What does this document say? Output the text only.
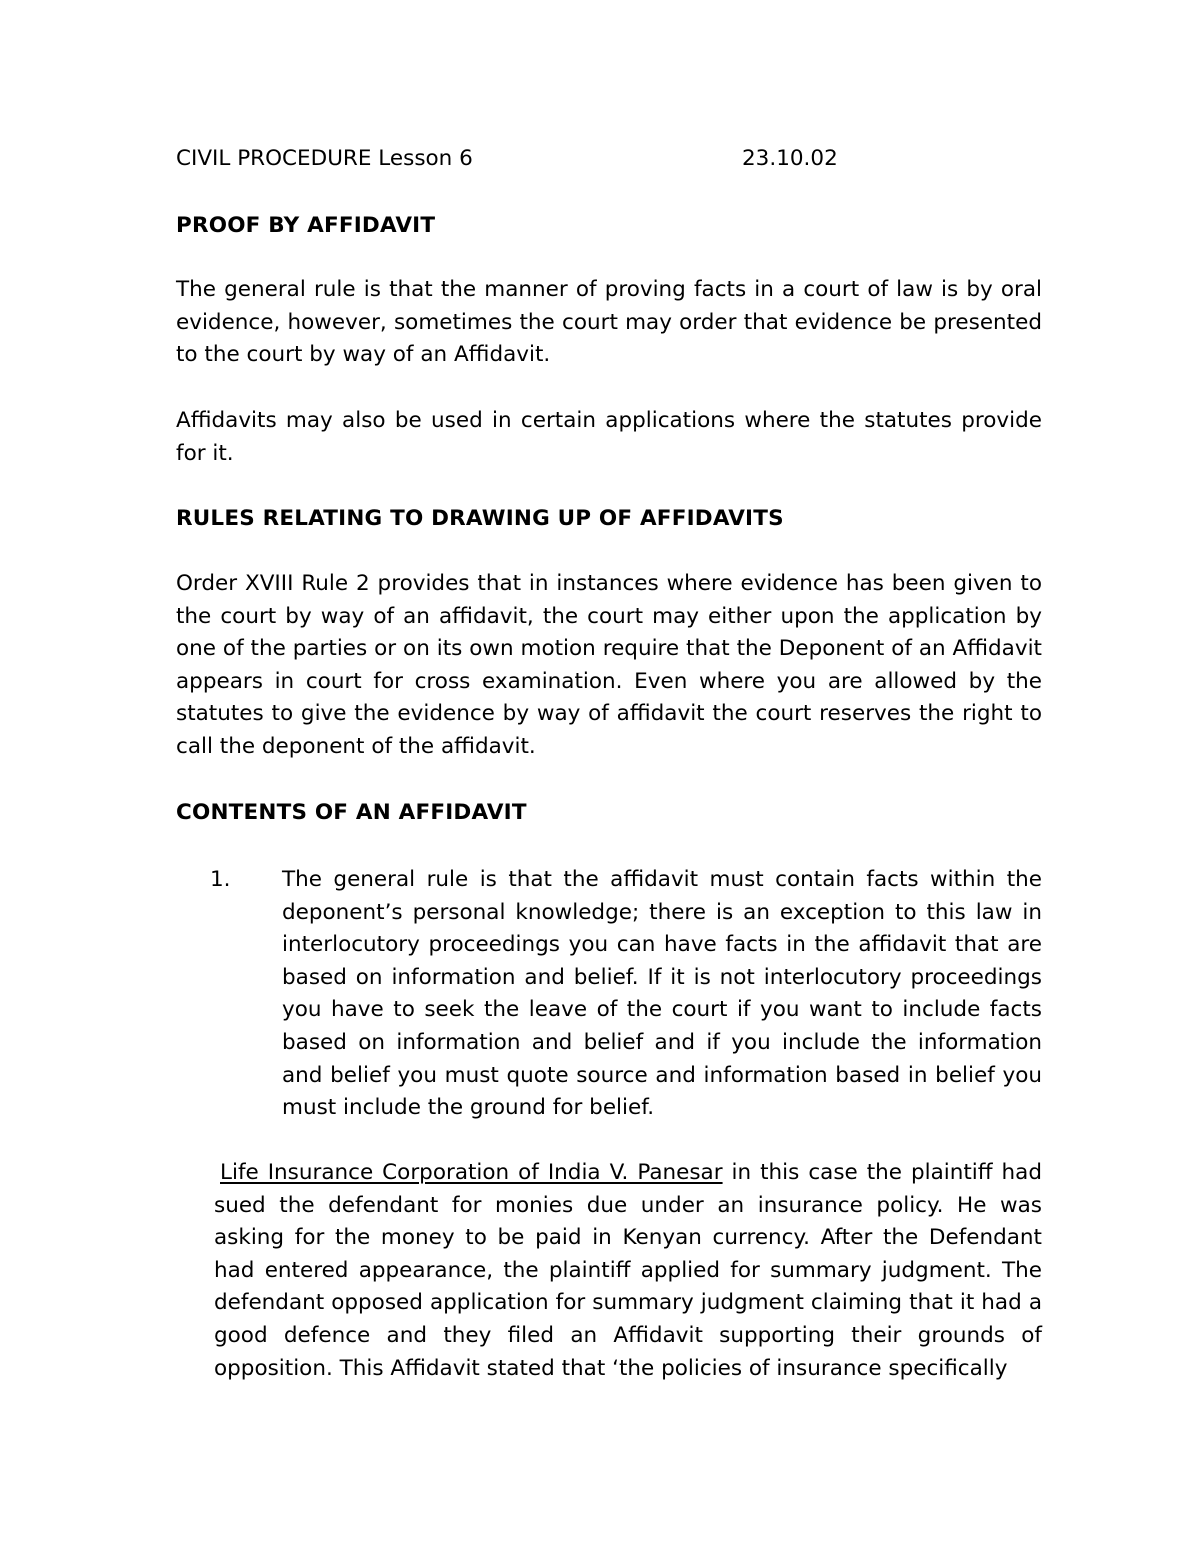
CIVIL PROCEDURE Lesson 6	23.10.02
PROOF BY AFFIDAVIT

The general rule is that the manner of proving facts in a court of law is by oral evidence, however, sometimes the court may order that evidence be presented to the court by way of an Affidavit.

Affidavits may also be used in certain applications where the statutes provide for it.

RULES RELATING TO DRAWING UP OF AFFIDAVITS

Order XVIII Rule 2 provides that in instances where evidence has been given to the court by way of an affidavit, the court may either upon the application by one of the parties or on its own motion require that the Deponent of an Affidavit appears in court for cross examination. Even where you are allowed by the statutes to give the evidence by way of affidavit the court reserves the right to call the deponent of the affidavit.

CONTENTS OF AN AFFIDAVIT
1. The general rule is that the affidavit must contain facts within the deponent’s personal knowledge; there is an exception to this law in interlocutory proceedings you can have facts in the affidavit that are based on information and belief. If it is not interlocutory proceedings you have to seek the leave of the court if you want to include facts based on information and belief and if you include the information and belief you must quote source and information based in belief you must include the ground for belief.

Life Insurance Corporation of India V. Panesar in this case the plaintiff had sued the defendant for monies due under an insurance policy. He was asking for the money to be paid in Kenyan currency. After the Defendant had entered appearance, the plaintiff applied for summary judgment. The defendant opposed application for summary judgment claiming that it had a good defence and they filed an Affidavit supporting their grounds of opposition. This Affidavit stated that ‘the policies of insurance specifically
